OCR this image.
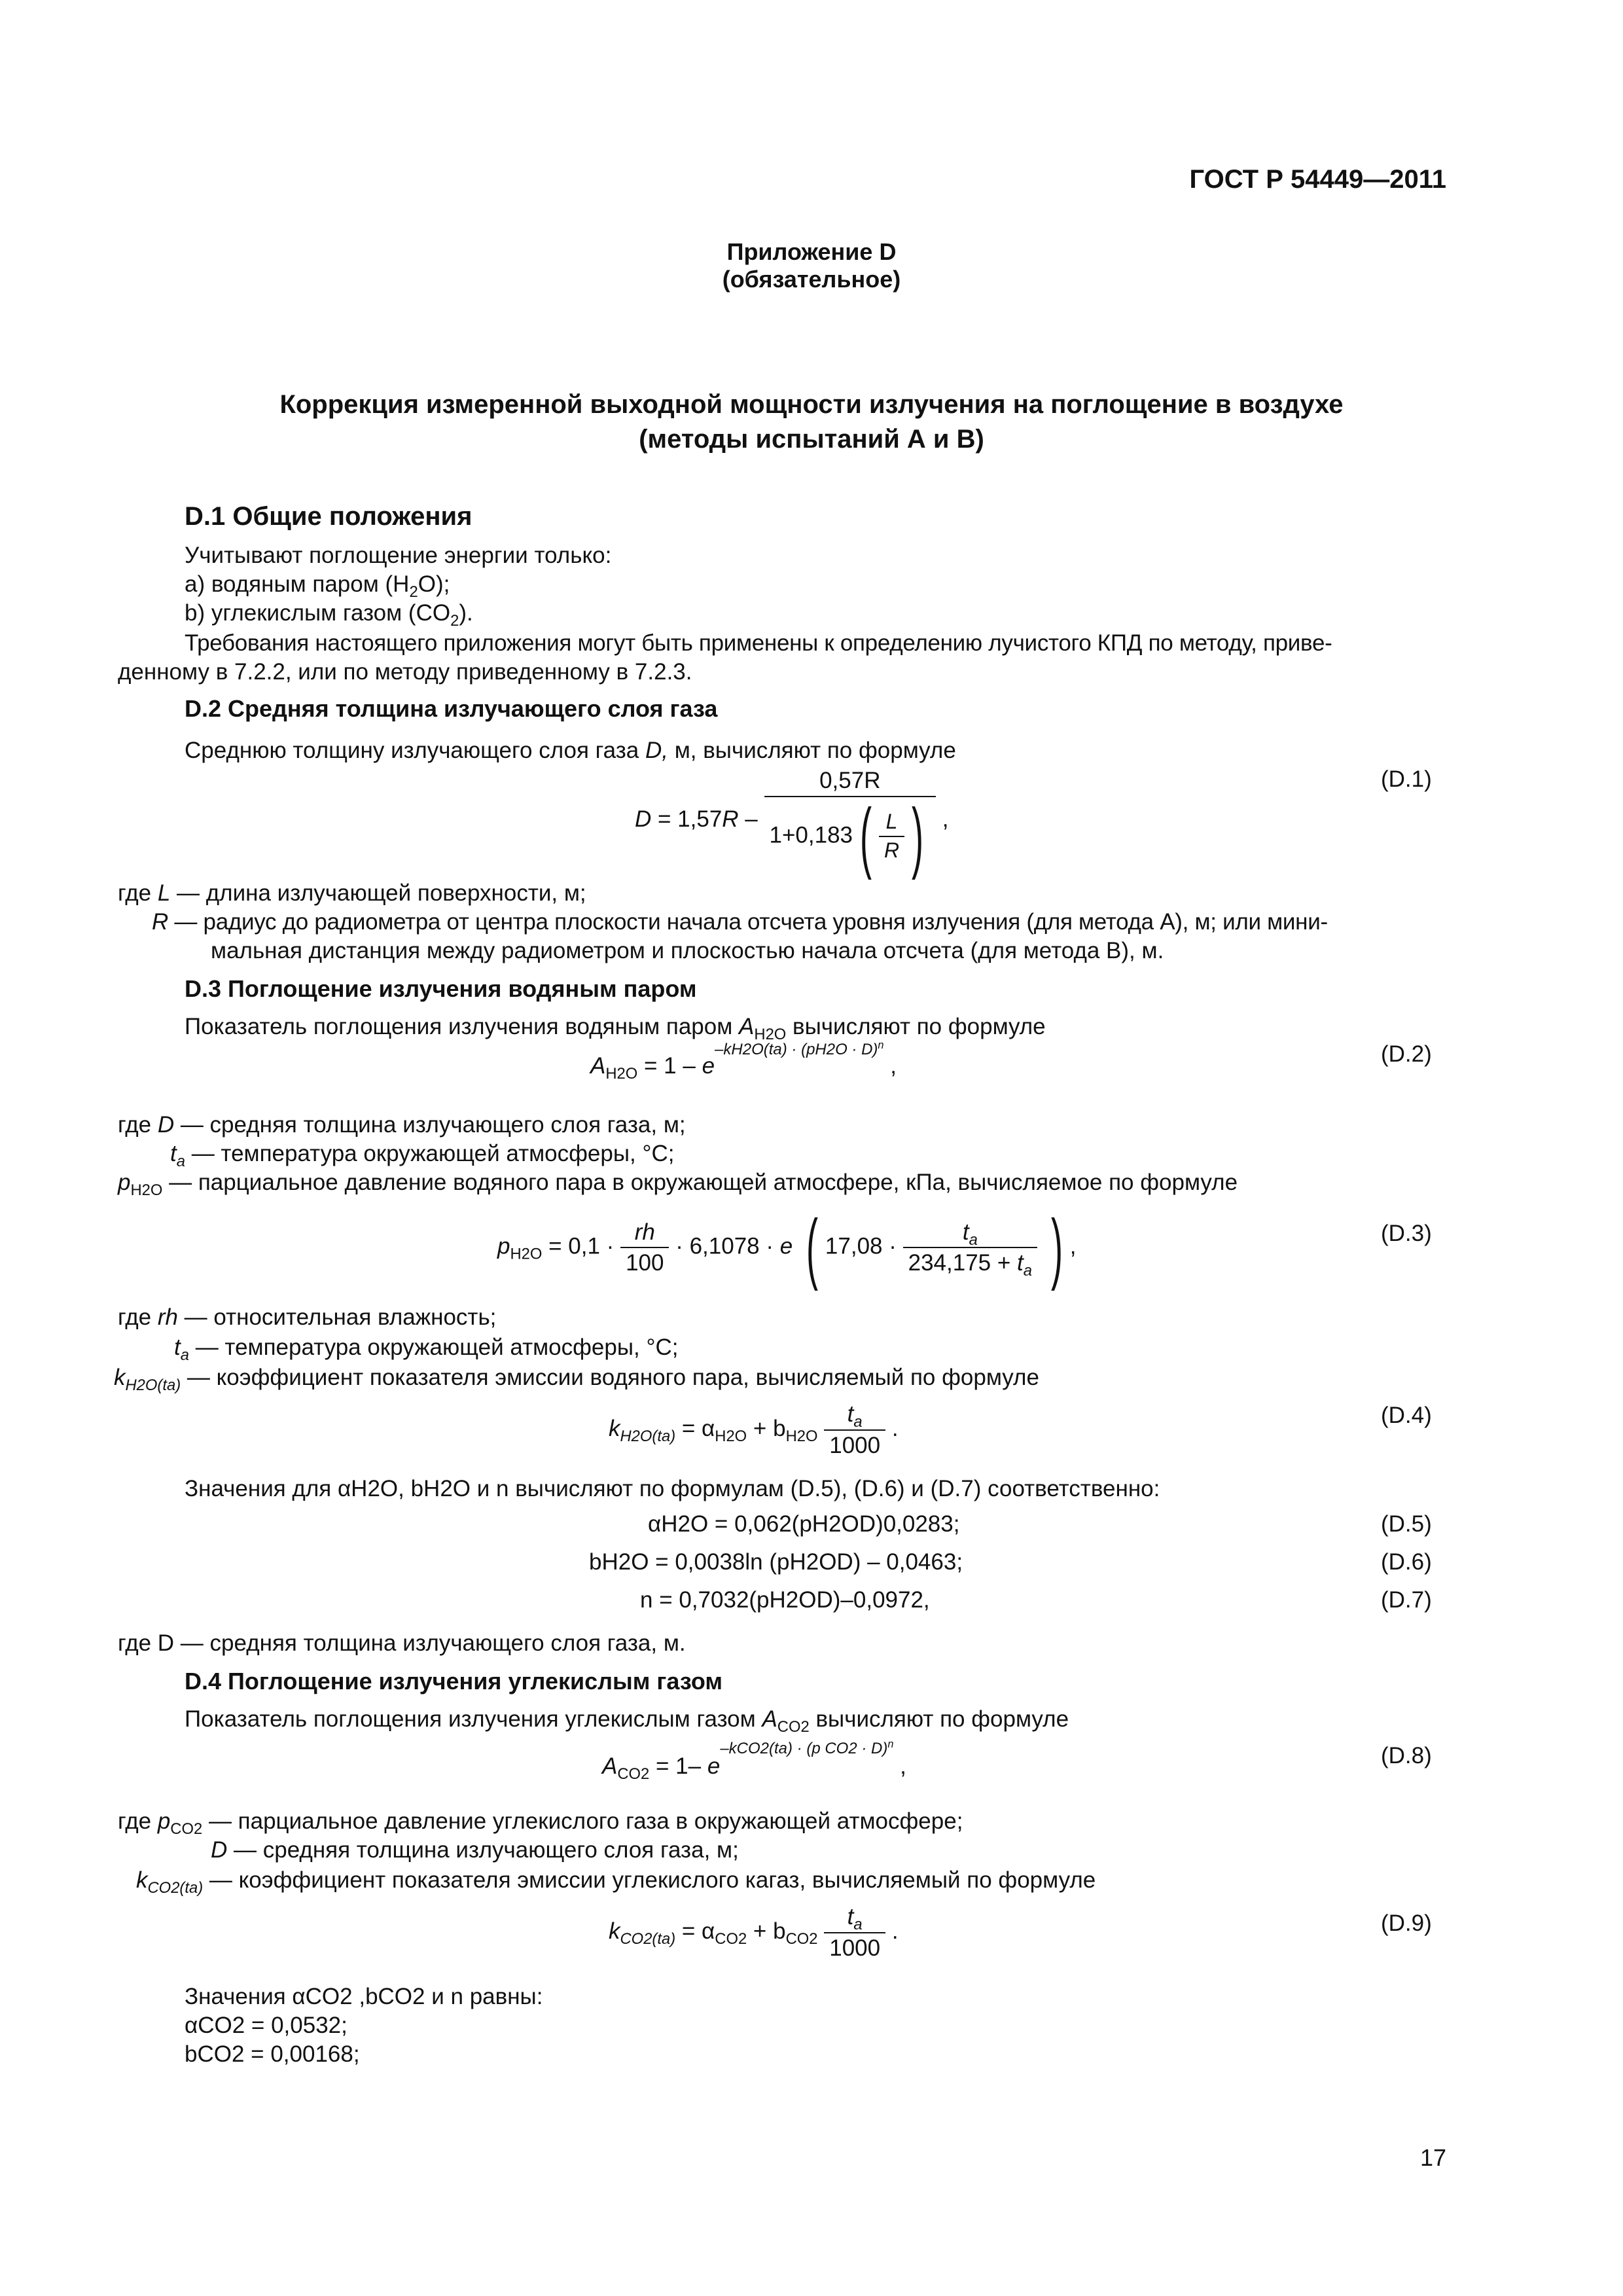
ГОСТ Р 54449—2011
Приложение D
(обязательное)
Коррекция измеренной выходной мощности излучения на поглощение в воздухе
(методы испытаний А и В)
D.1 Общие положения
Учитывают поглощение энергии только:
a) водяным паром $(H_2O)$;
b) углекислым газом $(CO_2)$.
Требования настоящего приложения могут быть применены к определению лучистого КПД по методу, приве-
денному в 7.2.2, или по методу приведенному в 7.2.3.
D.2 Средняя толщина излучающего слоя газа
Среднюю толщину излучающего слоя газа D, м, вычисляют по формуле
$D = 1,57R - \frac{0,57R}{1+0,183( \frac{L}{R} )}$ ,
(D.1)
где L — длина излучающей поверхности, м;
R — радиус до радиометра от центра плоскости начала отсчета уровня излучения (для метода А), м; или мини-
мальная дистанция между радиометром и плоскостью начала отсчета (для метода В), м.
D.3 Поглощение излучения водяным паром
Показатель поглощения излучения водяным паром $A_{H2O}$ вычисляют по формуле
$A_{H2O} = 1 - e^{-kH2O(ta) \cdot (pH2O \cdot D)^n}$ ,	(D.2)
где D — средняя толщина излучающего слоя газа, м;
$t_a$ — температура окружающей атмосферы, °С;
$p_{H2O}$ — парциальное давление водяного пара в окружающей атмосфере, кПа, вычисляемое по формуле
$p_{H2O} = 0,1 \cdot \frac{rh}{100} \cdot 6,1078 \cdot e$ ( $17,08 \cdot \frac{t_a}{234,175 + t_a}$ ) ,	(D.3)
где rh — относительная влажность;
$t_a$ — температура окружающей атмосферы, °С;
$k_{H2O(ta)}$ — коэффициент показателя эмиссии водяного пара, вычисляемый по формуле
$k_{H2O(ta)} = \alpha_{H2O} + b_{H2O} \frac{t_a}{1000}$ .
(D.4)
Значения для αH2O, bH2O и n вычисляют по формулам (D.5), (D.6) и (D.7) соответственно:
αH2O = 0,062(pH2OD)0,0283;	(D.5)
bH2O = 0,0038ln (pH2OD) – 0,0463;	(D.6)
n = 0,7032(pH2OD)–0,0972,	(D.7)
где D — средняя толщина излучающего слоя газа, м.
D.4 Поглощение излучения углекислым газом
Показатель поглощения излучения углекислым газом $A_{CO2}$ вычисляют по формуле
$A_{CO2} = 1-$ $e^{-kCO2(ta) \cdot (p CO2 \cdot D)^n}$ ,	(D.8)
где $p_{CO2}$ — парциальное давление углекислого газа в окружающей атмосфере;
D — средняя толщина излучающего слоя газа, м;
$k_{CO2(ta)}$ — коэффициент показателя эмиссии углекислого кагаз, вычисляемый по формуле
$k_{CO2(ta)} = \alpha_{CO2} + b_{CO2} \frac{t_a}{1000}$ .	(D.9)
Значения αCO2 ,bCO2 и n равны:
αCO2 = 0,0532;
bCO2 = 0,00168;
17
